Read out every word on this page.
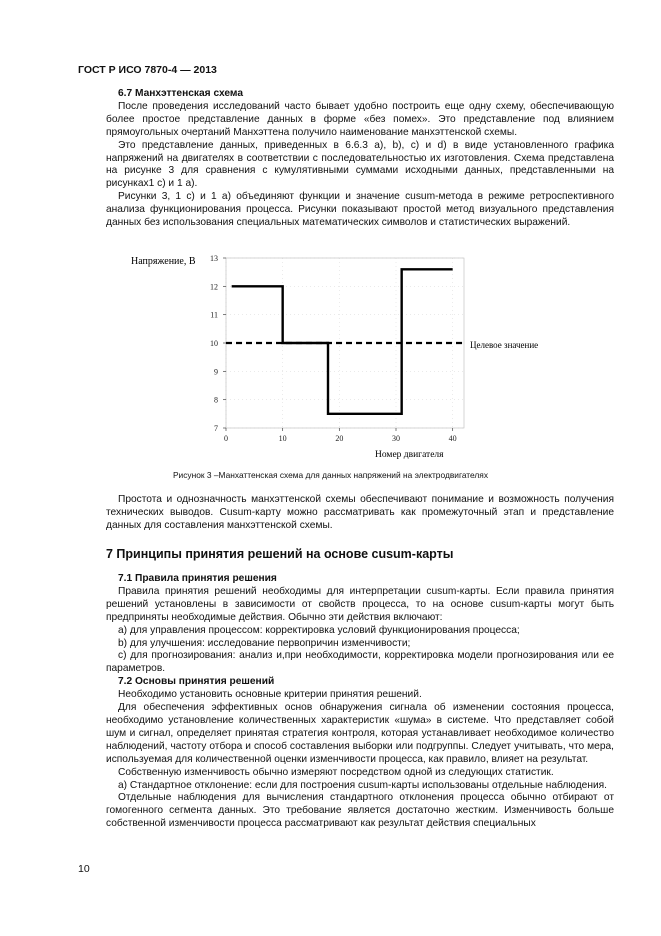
ГОСТ Р ИСО 7870-4 — 2013

6.7 Манхэттенская схема

После проведения исследований часто бывает удобно построить еще одну схему, обеспечивающую более простое представление данных в форме «без помех». Это представление под влиянием прямоугольных очертаний Манхэттена получило наименование манхэттенской схемы.

Это представление данных, приведенных в 6.6.3 a), b), c) и d) в виде установленного графика напряжений на двигателях в соответствии с последовательностью их изготовления. Схема представлена на рисунке 3 для сравнения с кумулятивными суммами исходными данных, представленными на рисунках1 c) и 1 a).

Рисунки 3, 1 c) и 1 a) объединяют функции и значение cusum-метода в режиме ретроспективного анализа функционирования процесса. Рисунки показывают простой метод визуального представления данных без использования специальных математических символов и статистических выражений.

7
8
9
10
11
12
13
0	10	20	30	40
Напряжение, В
Номер двигателя
Целевое значение
Рисунок 3 –Манхаттенская схема для данных напряжений на электродвигателях

Простота и однозначность манхэттенской схемы обеспечивают понимание и возможность получения технических выводов. Cusum-карту можно рассматривать как промежуточный этап и представление данных для составления манхэттенской схемы.

7 Принципы принятия решений на основе cusum-карты

7.1 Правила принятия решения

Правила принятия решений необходимы для интерпретации cusum-карты. Если правила принятия решений установлены в зависимости от свойств процесса, то на основе cusum-карты могут быть предприняты необходимые действия. Обычно эти действия включают:

а) для управления процессом: корректировка условий функционирования процесса;

b) для улучшения: исследование первопричин изменчивости;

c) для прогнозирования: анализ и,при необходимости, корректировка модели прогнозирования или ее параметров.

7.2 Основы принятия решений

Необходимо установить основные критерии принятия решений.

Для обеспечения эффективных основ обнаружения сигнала об изменении состояния процесса, необходимо установление количественных характеристик «шума» в системе. Что представляет собой шум и сигнал, определяет принятая стратегия контроля, которая устанавливает необходимое количество наблюдений, частоту отбора и способ составления выборки или подгруппы. Следует учитывать, что мера, используемая для количественной оценки изменчивости процесса, как правило, влияет на результат.

Собственную изменчивость обычно измеряют посредством одной из следующих статистик.

а) Стандартное отклонение: если для построения cusum-карты использованы отдельные наблюдения.

Отдельные наблюдения для вычисления стандартного отклонения процесса обычно отбирают от гомогенного сегмента данных. Это требование является достаточно жестким. Изменчивость больше собственной изменчивости процесса рассматривают как результат действия специальных

10
